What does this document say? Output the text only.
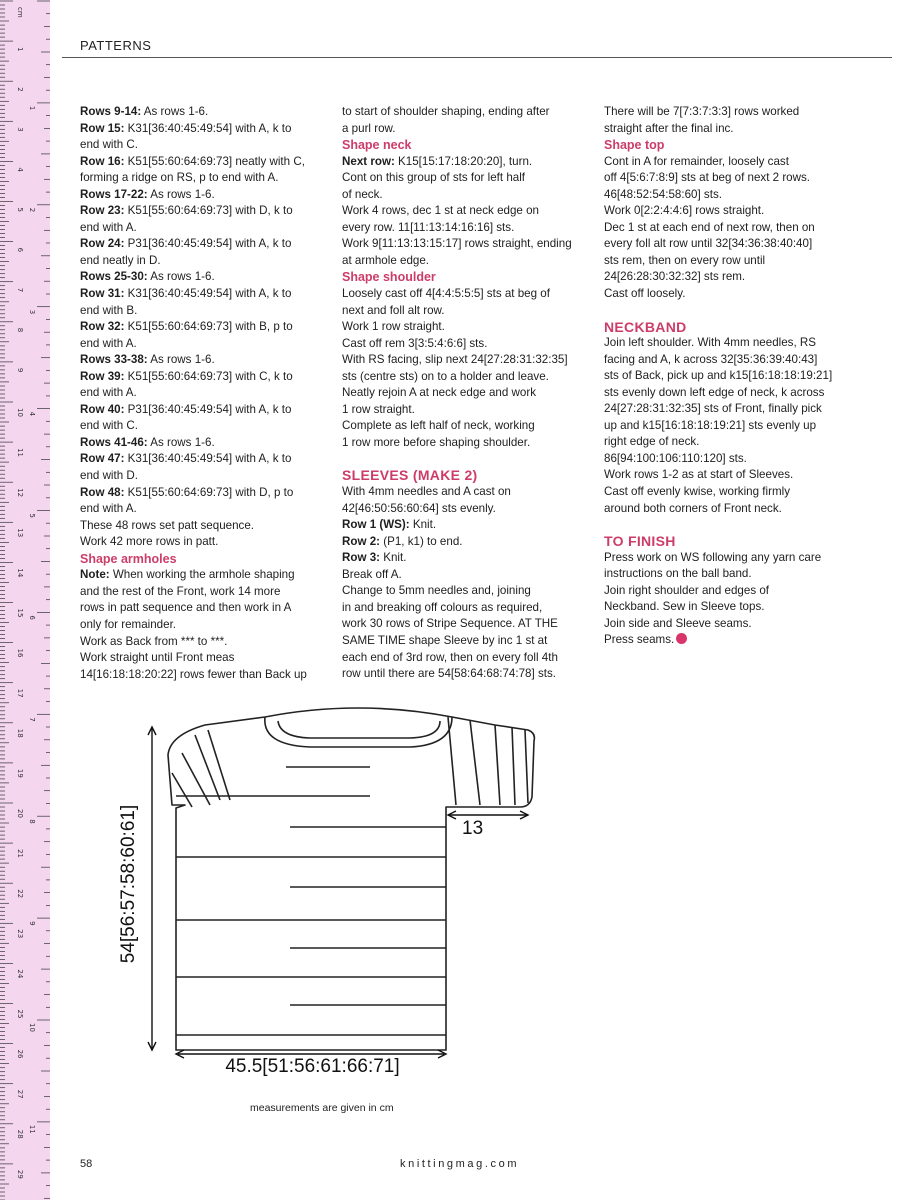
cm
1
2
3
4
5
6
7
8
9
10
11
12
13
14
15
16
17
18
19
20
21
22
23
24
25
26
27
28
29
1
2
3
4
5
6
7
8
9
10
11
PATTERNS

Rows 9-14: As rows 1-6.

Row 15: K31[36:40:45:49:54] with A, k to

end with C.

Row 16: K51[55:60:64:69:73] neatly with C,

forming a ridge on RS, p to end with A.

Rows 17-22: As rows 1-6.

Row 23: K51[55:60:64:69:73] with D, k to

end with A.

Row 24: P31[36:40:45:49:54] with A, k to

end neatly in D.

Rows 25-30: As rows 1-6.

Row 31: K31[36:40:45:49:54] with A, k to

end with B.

Row 32: K51[55:60:64:69:73] with B, p to

end with A.

Rows 33-38: As rows 1-6.

Row 39: K51[55:60:64:69:73] with C, k to

end with A.

Row 40: P31[36:40:45:49:54] with A, k to

end with C.

Rows 41-46: As rows 1-6.

Row 47: K31[36:40:45:49:54] with A, k to

end with D.

Row 48: K51[55:60:64:69:73] with D, p to

end with A.

These 48 rows set patt sequence.

Work 42 more rows in patt.

Shape armholes

Note: When working the armhole shaping

and the rest of the Front, work 14 more

rows in patt sequence and then work in A

only for remainder.

Work as Back from *** to ***.

Work straight until Front meas

14[16:18:18:20:22] rows fewer than Back up

to start of shoulder shaping, ending after

a purl row.

Shape neck

Next row: K15[15:17:18:20:20], turn.

Cont on this group of sts for left half

of neck.

Work 4 rows, dec 1 st at neck edge on

every row. 11[11:13:14:16:16] sts.

Work 9[11:13:13:15:17] rows straight, ending

at armhole edge.

Shape shoulder

Loosely cast off 4[4:4:5:5:5] sts at beg of

next and foll alt row.

Work 1 row straight.

Cast off rem 3[3:5:4:6:6] sts.

With RS facing, slip next 24[27:28:31:32:35]

sts (centre sts) on to a holder and leave.

Neatly rejoin A at neck edge and work

1 row straight.

Complete as left half of neck, working

1 row more before shaping shoulder.

SLEEVES (MAKE 2)

With 4mm needles and A cast on

42[46:50:56:60:64] sts evenly.

Row 1 (WS): Knit.

Row 2: (P1, k1) to end.

Row 3: Knit.

Break off A.

Change to 5mm needles and, joining

in and breaking off colours as required,

work 30 rows of Stripe Sequence. AT THE

SAME TIME shape Sleeve by inc 1 st at

each end of 3rd row, then on every foll 4th

row until there are 54[58:64:68:74:78] sts.

There will be 7[7:3:7:3:3] rows worked

straight after the final inc.

Shape top

Cont in A for remainder, loosely cast

off 4[5:6:7:8:9] sts at beg of next 2 rows.

46[48:52:54:58:60] sts.

Work 0[2:2:4:4:6] rows straight.

Dec 1 st at each end of next row, then on

every foll alt row until 32[34:36:38:40:40]

sts rem, then on every row until

24[26:28:30:32:32] sts rem.

Cast off loosely.

NECKBAND

Join left shoulder. With 4mm needles, RS

facing and A, k across 32[35:36:39:40:43]

sts of Back, pick up and k15[16:18:18:19:21]

sts evenly down left edge of neck, k across

24[27:28:31:32:35] sts of Front, finally pick

up and k15[16:18:18:19:21] sts evenly up

right edge of neck.

86[94:100:106:110:120] sts.

Work rows 1-2 as at start of Sleeves.

Cast off evenly kwise, working firmly

around both corners of Front neck.

TO FINISH

Press work on WS following any yarn care

instructions on the ball band.

Join right shoulder and edges of

Neckband. Sew in Sleeve tops.

Join side and Sleeve seams.

Press seams.

45.5[51:56:61:66:71]
13
54[56:57:58:60:61]
measurements are given in cm
58	knittingmag.com
